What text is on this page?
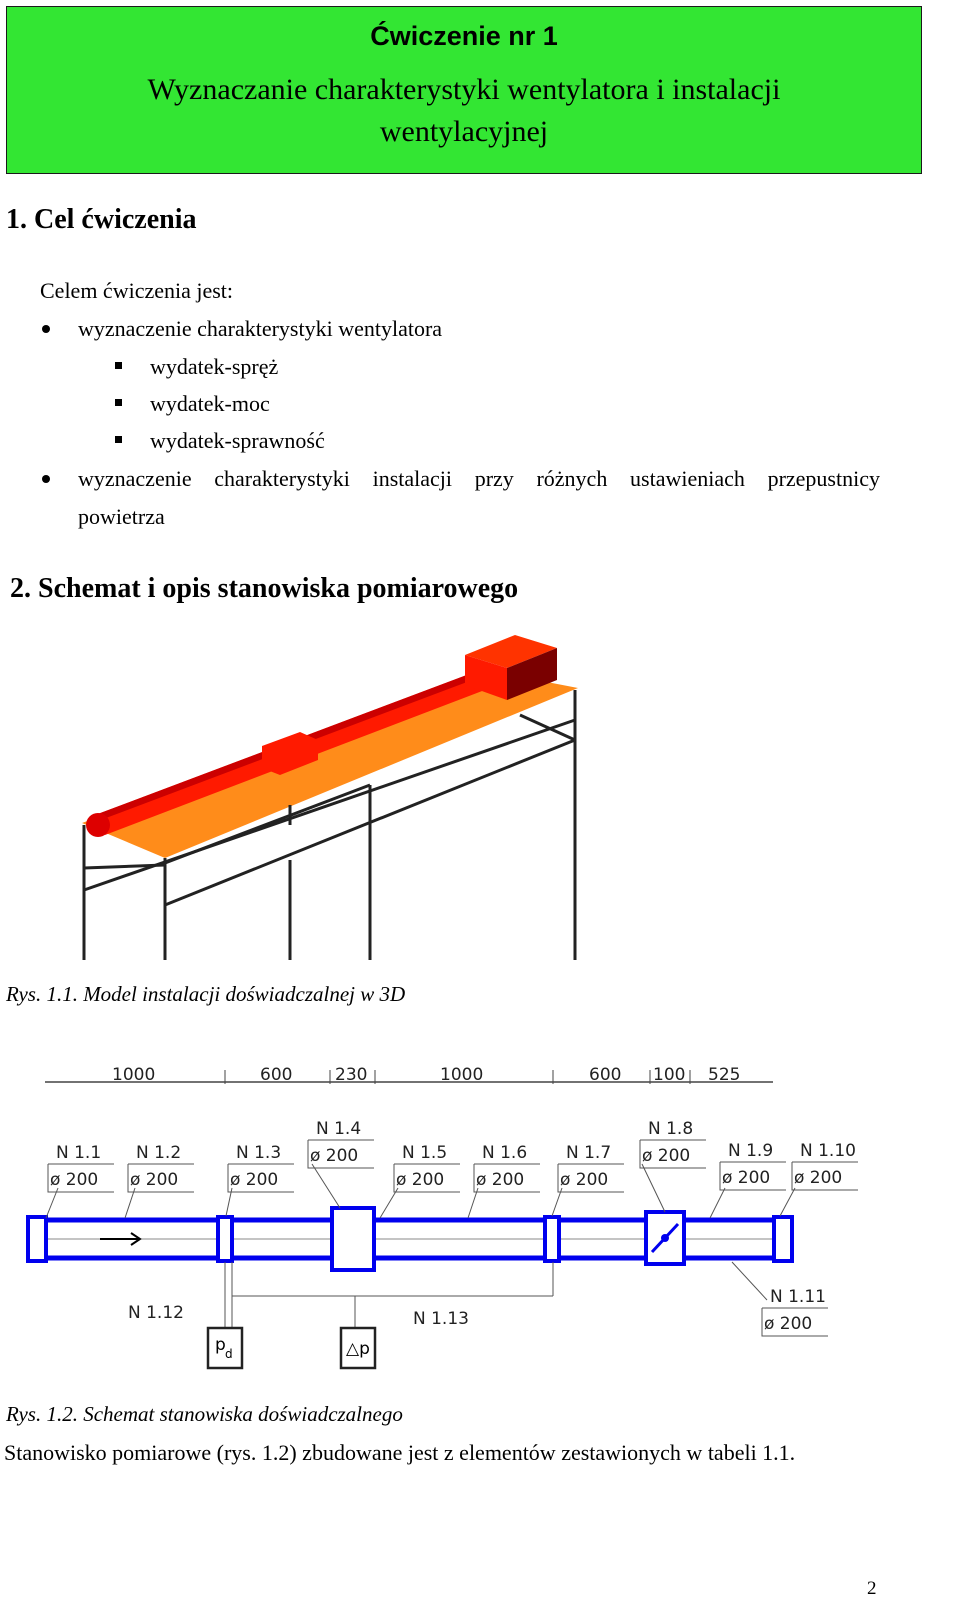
Ćwiczenie nr 1
Wyznaczanie charakterystyki wentylatora i instalacji
wentylacyjnej
1. Cel ćwiczenia
Celem ćwiczenia jest:
wyznaczenie charakterystyki wentylatora
wydatek-spręż
wydatek-moc
wydatek-sprawność
wyznaczenie charakterystyki instalacji przy różnych ustawieniach przepustnicy
powietrza
2. Schemat i opis stanowiska pomiarowego
Rys. 1.1. Model instalacji doświadczalnej w 3D
1000	600	230	1000	600 100 525
N 1.1
ø 200
N 1.2
ø 200
N 1.3
ø 200
N 1.4
ø 200	N 1.5
ø 200
N 1.6
ø 200
N 1.7
ø 200
N 1.8
ø 200 N 1.9
ø 200
N 1.10
ø 200
N 1.11
ø 200
p d	△p
N 1.12	N 1.13
Rys. 1.2. Schemat stanowiska doświadczalnego
Stanowisko pomiarowe (rys. 1.2) zbudowane jest z elementów zestawionych w tabeli 1.1.
2
